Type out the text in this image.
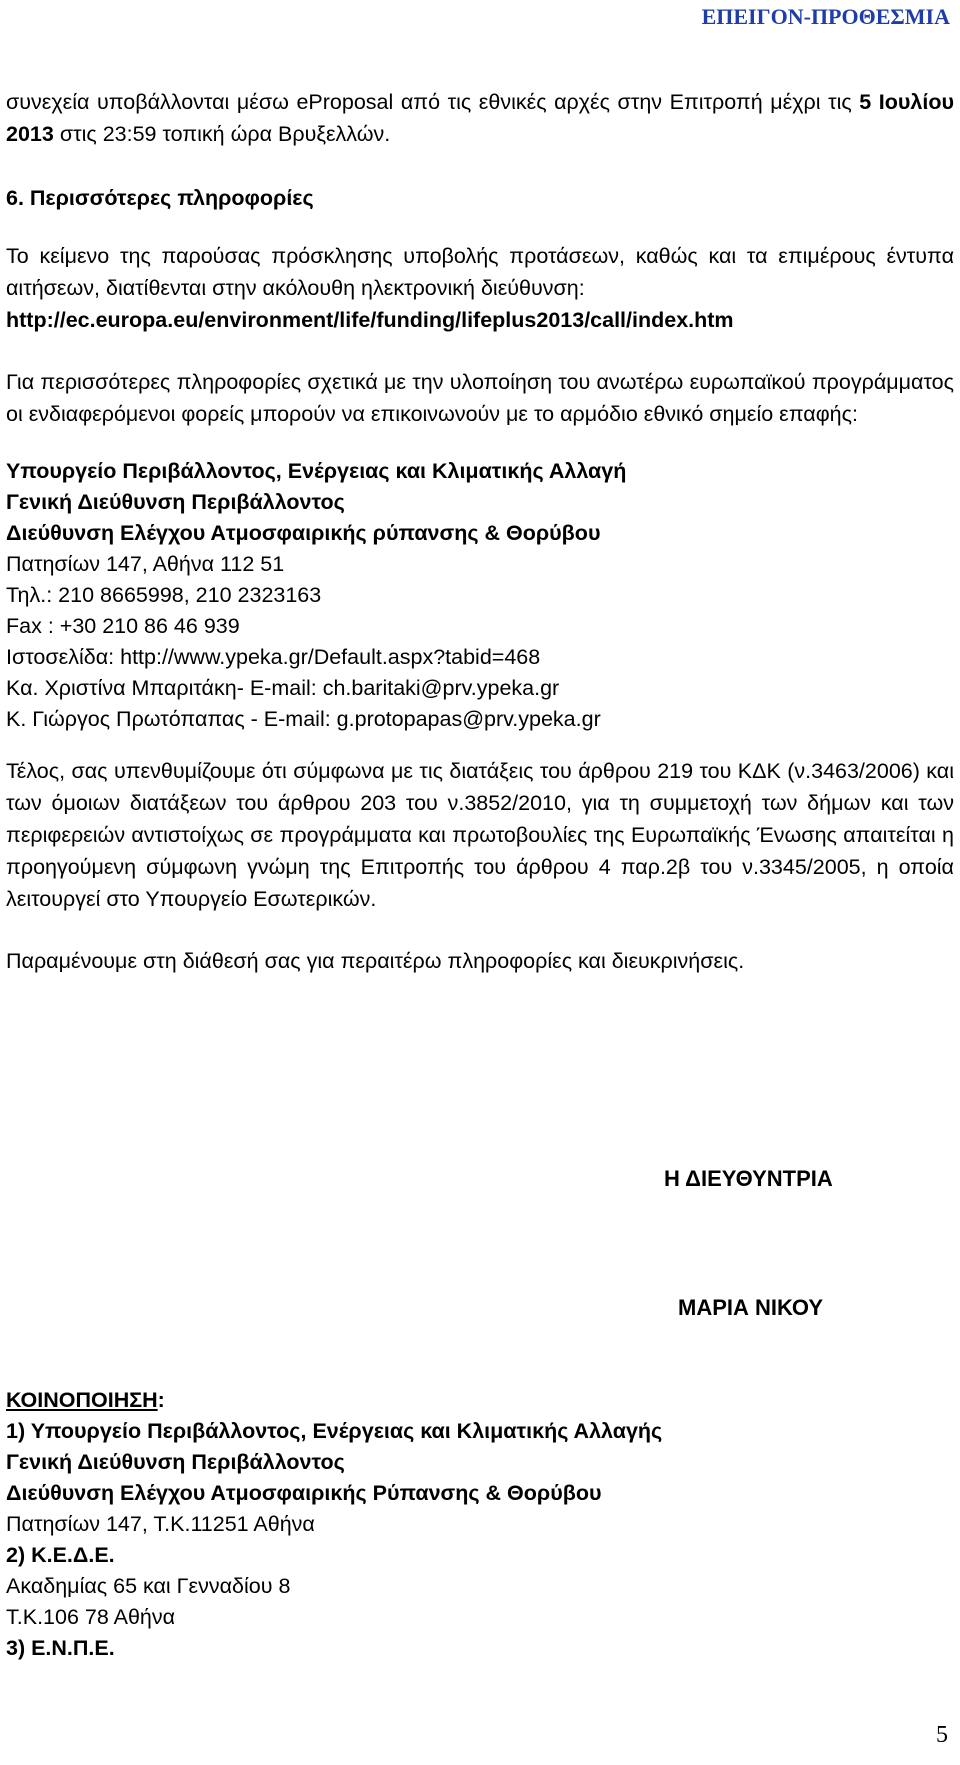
ΕΠΕΙΓΟΝ-ΠΡΟΘΕΣΜΙΑ

συνεχεία υποβάλλονται μέσω eProposal από τις εθνικές αρχές στην Επιτροπή μέχρι τις 5 Ιουλίου 2013 στις 23:59 τοπική ώρα Βρυξελλών.

6. Περισσότερες πληροφορίες

Το κείμενο της παρούσας πρόσκλησης υποβολής προτάσεων, καθώς και τα επιμέρους έντυπα αιτήσεων, διατίθενται στην ακόλουθη ηλεκτρονική διεύθυνση:

http://ec.europa.eu/environment/life/funding/lifeplus2013/call/index.htm

Για περισσότερες πληροφορίες σχετικά με την υλοποίηση του ανωτέρω ευρωπαϊκού προγράμματος οι ενδιαφερόμενοι φορείς μπορούν να επικοινωνούν με το αρμόδιο εθνικό σημείο επαφής:

Υπουργείο Περιβάλλοντος, Ενέργειας και Κλιματικής Αλλαγή

Γενική Διεύθυνση Περιβάλλοντος

Διεύθυνση Ελέγχου Ατμοσφαιρικής ρύπανσης & Θορύβου

Πατησίων 147, Αθήνα 112 51

Τηλ.: 210 8665998, 210 2323163

Fax : +30 210 86 46 939

Ιστοσελίδα: http://www.ypeka.gr/Default.aspx?tabid=468

Κα. Χριστίνα Μπαριτάκη- E-mail: ch.baritaki@prv.ypeka.gr

Κ. Γιώργος Πρωτόπαπας - E-mail: g.protopapas@prv.ypeka.gr

Τέλος, σας υπενθυμίζουμε ότι σύμφωνα με τις διατάξεις του άρθρου 219 του ΚΔΚ (ν.3463/2006) και των όμοιων διατάξεων του άρθρου 203 του ν.3852/2010, για τη συμμετοχή των δήμων και των περιφερειών αντιστοίχως σε προγράμματα και πρωτοβουλίες της Ευρωπαϊκής Ένωσης απαιτείται η προηγούμενη σύμφωνη γνώμη της Επιτροπής του άρθρου 4 παρ.2β του ν.3345/2005, η οποία λειτουργεί στο Υπουργείο Εσωτερικών.

Παραμένουμε στη διάθεσή σας για περαιτέρω πληροφορίες και διευκρινήσεις.

Η ΔΙΕΥΘΥΝΤΡΙΑ
ΜΑΡΙΑ ΝΙΚΟΥ

ΚΟΙΝΟΠΟΙΗΣΗ:

1) Υπουργείο Περιβάλλοντος, Ενέργειας και Κλιματικής Αλλαγής

Γενική Διεύθυνση Περιβάλλοντος

Διεύθυνση Ελέγχου Ατμοσφαιρικής Ρύπανσης & Θορύβου

Πατησίων 147, Τ.Κ.11251 Αθήνα

2) Κ.Ε.Δ.Ε.

Ακαδημίας 65 και Γενναδίου 8

Τ.Κ.106 78 Αθήνα

3) Ε.Ν.Π.Ε.

5
